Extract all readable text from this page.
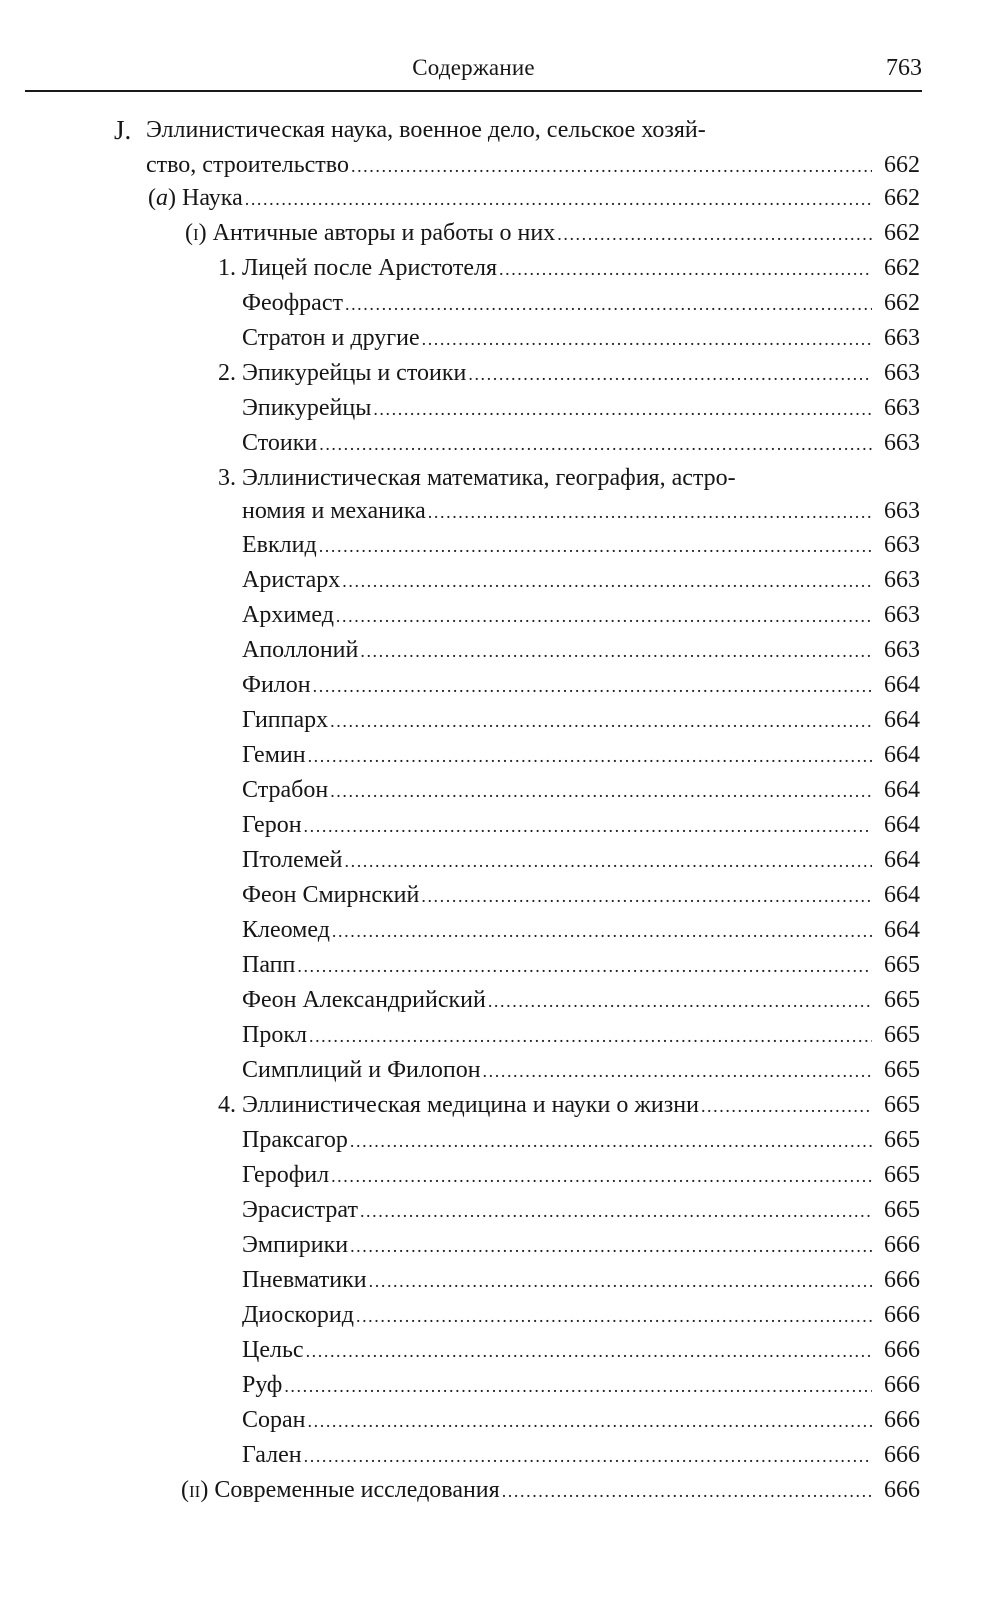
Содержание	763
J. Эллинистическая наука, военное дело, сельское хозяй-
ство, строительство .....	662
(a) Наука .....	662
(i) Античные авторы и работы о них .....	662
1. Лицей после Аристотеля .....	662
Феофраст .....	662
Стратон и другие .....	663
2. Эпикурейцы и стоики .....	663
Эпикурейцы .....	663
Стоики .....	663
3. Эллинистическая математика, география, астро-
номия и механика .....	663
Евклид .....	663
Аристарх .....	663
Архимед .....	663
Аполлоний .....	663
Филон .....	664
Гиппарх .....	664
Гемин .....	664
Страбон .....	664
Герон .....	664
Птолемей .....	664
Феон Смирнский .....	664
Клеомед .....	664
Папп .....	665
Феон Александрийский .....	665
Прокл .....	665
Симплиций и Филопон .....	665
4. Эллинистическая медицина и науки о жизни .....	665
Праксагор .....	665
Герофил .....	665
Эрасистрат .....	665
Эмпирики .....	666
Пневматики .....	666
Диоскорид .....	666
Цельс .....	666
Руф .....	666
Соран .....	666
Гален .....	666
(ii) Современные исследования .....	666
